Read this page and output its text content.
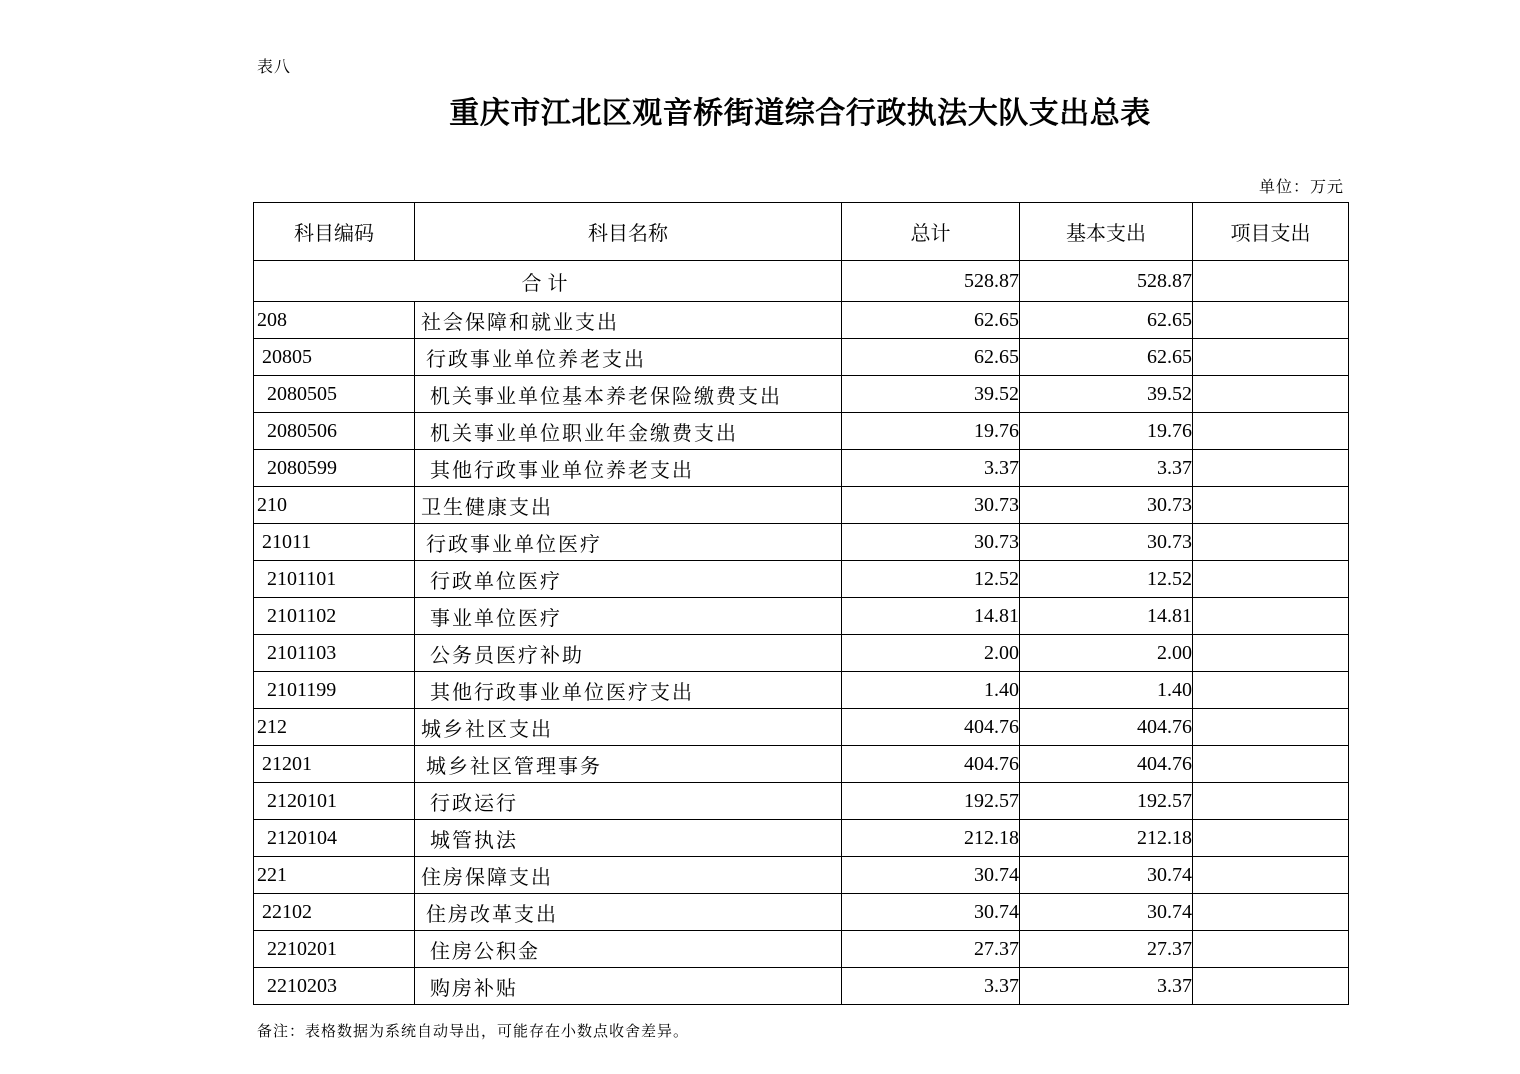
表八
重庆市江北区观音桥街道综合行政执法大队支出总表
单位：万元
科目编码	科目名称	总计	基本支出	项目支出
合计		528.87	528.87	
208	社会保障和就业支出	62.65	62.65	
20805	行政事业单位养老支出	62.65	62.65	
2080505	机关事业单位基本养老保险缴费支出	39.52	39.52	
2080506	机关事业单位职业年金缴费支出	19.76	19.76	
2080599	其他行政事业单位养老支出	3.37	3.37	
210	卫生健康支出	30.73	30.73	
21011	行政事业单位医疗	30.73	30.73	
2101101	行政单位医疗	12.52	12.52	
2101102	事业单位医疗	14.81	14.81	
2101103	公务员医疗补助	2.00	2.00	
2101199	其他行政事业单位医疗支出	1.40	1.40	
212	城乡社区支出	404.76	404.76	
21201	城乡社区管理事务	404.76	404.76	
2120101	行政运行	192.57	192.57	
2120104	城管执法	212.18	212.18	
221	住房保障支出	30.74	30.74	
22102	住房改革支出	30.74	30.74	
2210201	住房公积金	27.37	27.37	
2210203	购房补贴	3.37	3.37	
备注：表格数据为系统自动导出，可能存在小数点收舍差异。
